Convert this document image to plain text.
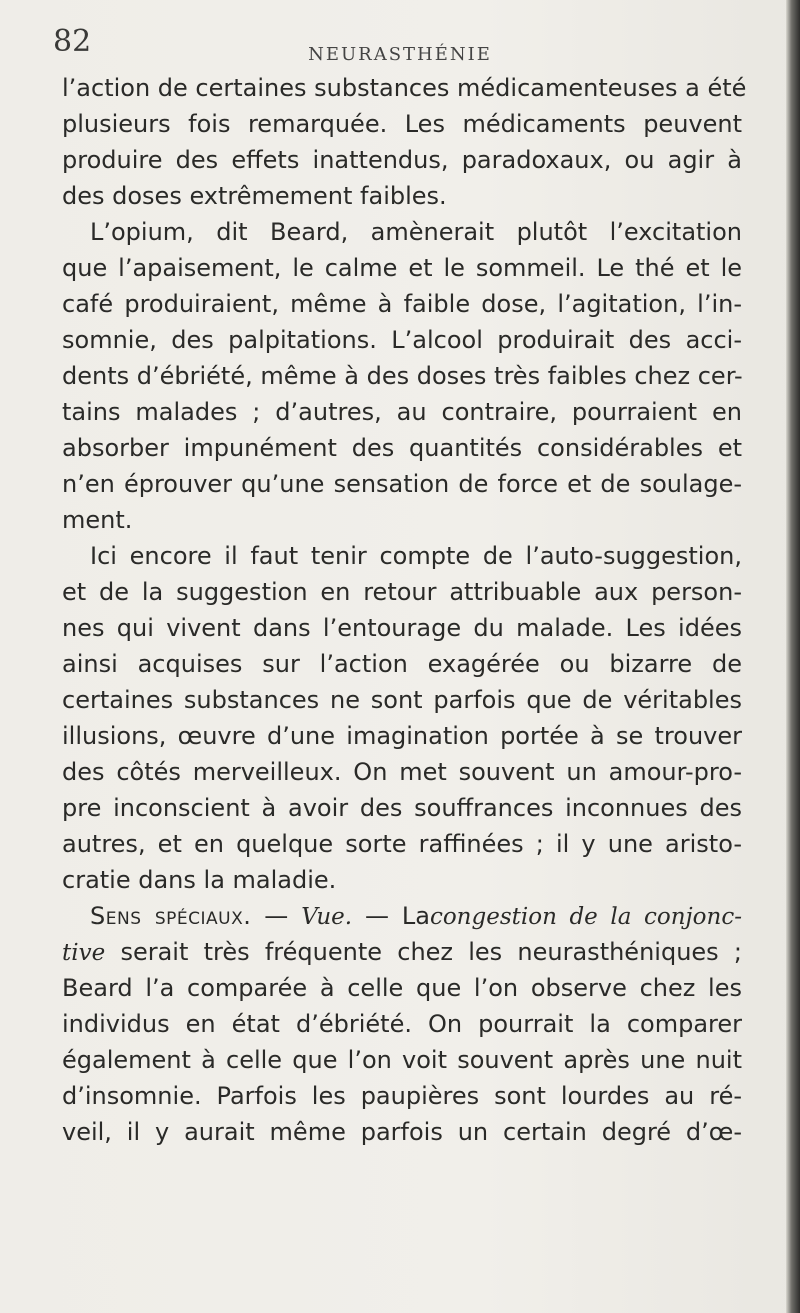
82	NEURASTHÉNIE
l’action de certaines substances médicamenteuses a été
plusieurs fois remarquée. Les médicaments peuvent
produire des effets inattendus, paradoxaux, ou agir à
des doses extrêmement faibles.
L’opium, dit Beard, amènerait plutôt l’excitation
que l’apaisement, le calme et le sommeil. Le thé et le
café produiraient, même à faible dose, l’agitation, l’in-
somnie, des palpitations. L’alcool produirait des acci-
dents d’ébriété, même à des doses très faibles chez cer-
tains malades ; d’autres, au contraire, pourraient en
absorber impunément des quantités considérables et
n’en éprouver qu’une sensation de force et de soulage-
ment.
Ici encore il faut tenir compte de l’auto-suggestion,
et de la suggestion en retour attribuable aux person-
nes qui vivent dans l’entourage du malade. Les idées
ainsi acquises sur l’action exagérée ou bizarre de
certaines substances ne sont parfois que de véritables
illusions, œuvre d’une imagination portée à se trouver
des côtés merveilleux. On met souvent un amour-pro-
pre inconscient à avoir des souffrances inconnues des
autres, et en quelque sorte raffinées ; il y une aristo-
cratie dans la maladie.
Sens spéciaux. — Vue. — Lacongestion de la conjonc-
tive serait très fréquente chez les neurasthéniques ;
Beard l’a comparée à celle que l’on observe chez les
individus en état d’ébriété. On pourrait la comparer
également à celle que l’on voit souvent après une nuit
d’insomnie. Parfois les paupières sont lourdes au ré-
veil, il y aurait même parfois un certain degré d’œ-
